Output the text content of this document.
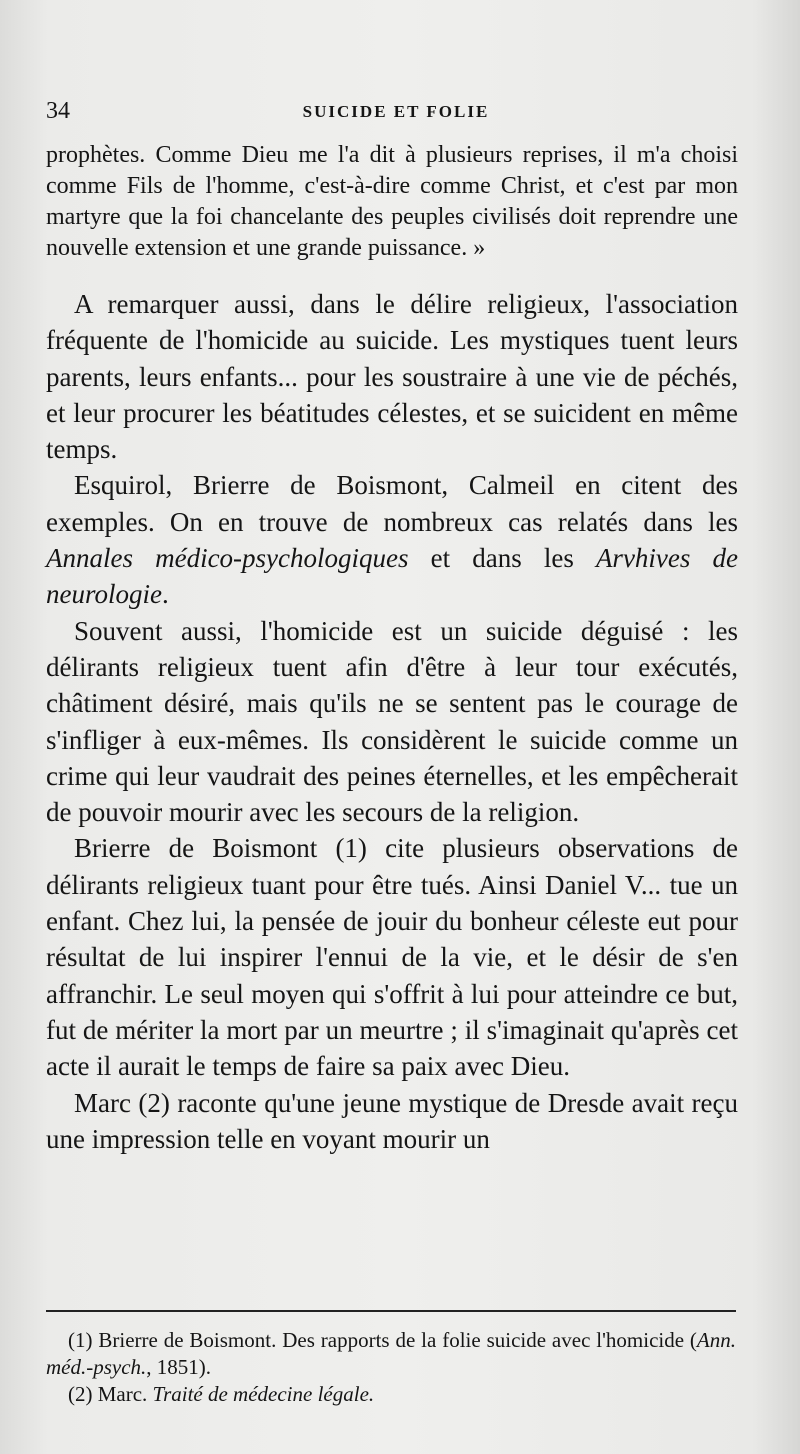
34	SUICIDE ET FOLIE

prophètes. Comme Dieu me l'a dit à plusieurs reprises, il m'a choisi comme Fils de l'homme, c'est-à-dire comme Christ, et c'est par mon martyre que la foi chancelante des peuples civilisés doit reprendre une nouvelle extension et une grande puissance. »

A remarquer aussi, dans le délire religieux, l'association fréquente de l'homicide au suicide. Les mystiques tuent leurs parents, leurs enfants... pour les soustraire à une vie de péchés, et leur procurer les béatitudes célestes, et se suicident en même temps.

Esquirol, Brierre de Boismont, Calmeil en citent des exemples. On en trouve de nombreux cas relatés dans les Annales médico-psychologiques et dans les Arvhives de neurologie.

Souvent aussi, l'homicide est un suicide déguisé : les délirants religieux tuent afin d'être à leur tour exécutés, châtiment désiré, mais qu'ils ne se sentent pas le courage de s'infliger à eux-mêmes. Ils considèrent le suicide comme un crime qui leur vaudrait des peines éternelles, et les empêcherait de pouvoir mourir avec les secours de la religion.

Brierre de Boismont (1) cite plusieurs observations de délirants religieux tuant pour être tués. Ainsi Daniel V... tue un enfant. Chez lui, la pensée de jouir du bonheur céleste eut pour résultat de lui inspirer l'ennui de la vie, et le désir de s'en affranchir. Le seul moyen qui s'offrit à lui pour atteindre ce but, fut de mériter la mort par un meurtre ; il s'imaginait qu'après cet acte il aurait le temps de faire sa paix avec Dieu.

Marc (2) raconte qu'une jeune mystique de Dresde avait reçu une impression telle en voyant mourir un

(1) Brierre de Boismont. Des rapports de la folie suicide avec l'homicide (Ann. méd.-psych., 1851).

(2) Marc. Traité de médecine légale.
